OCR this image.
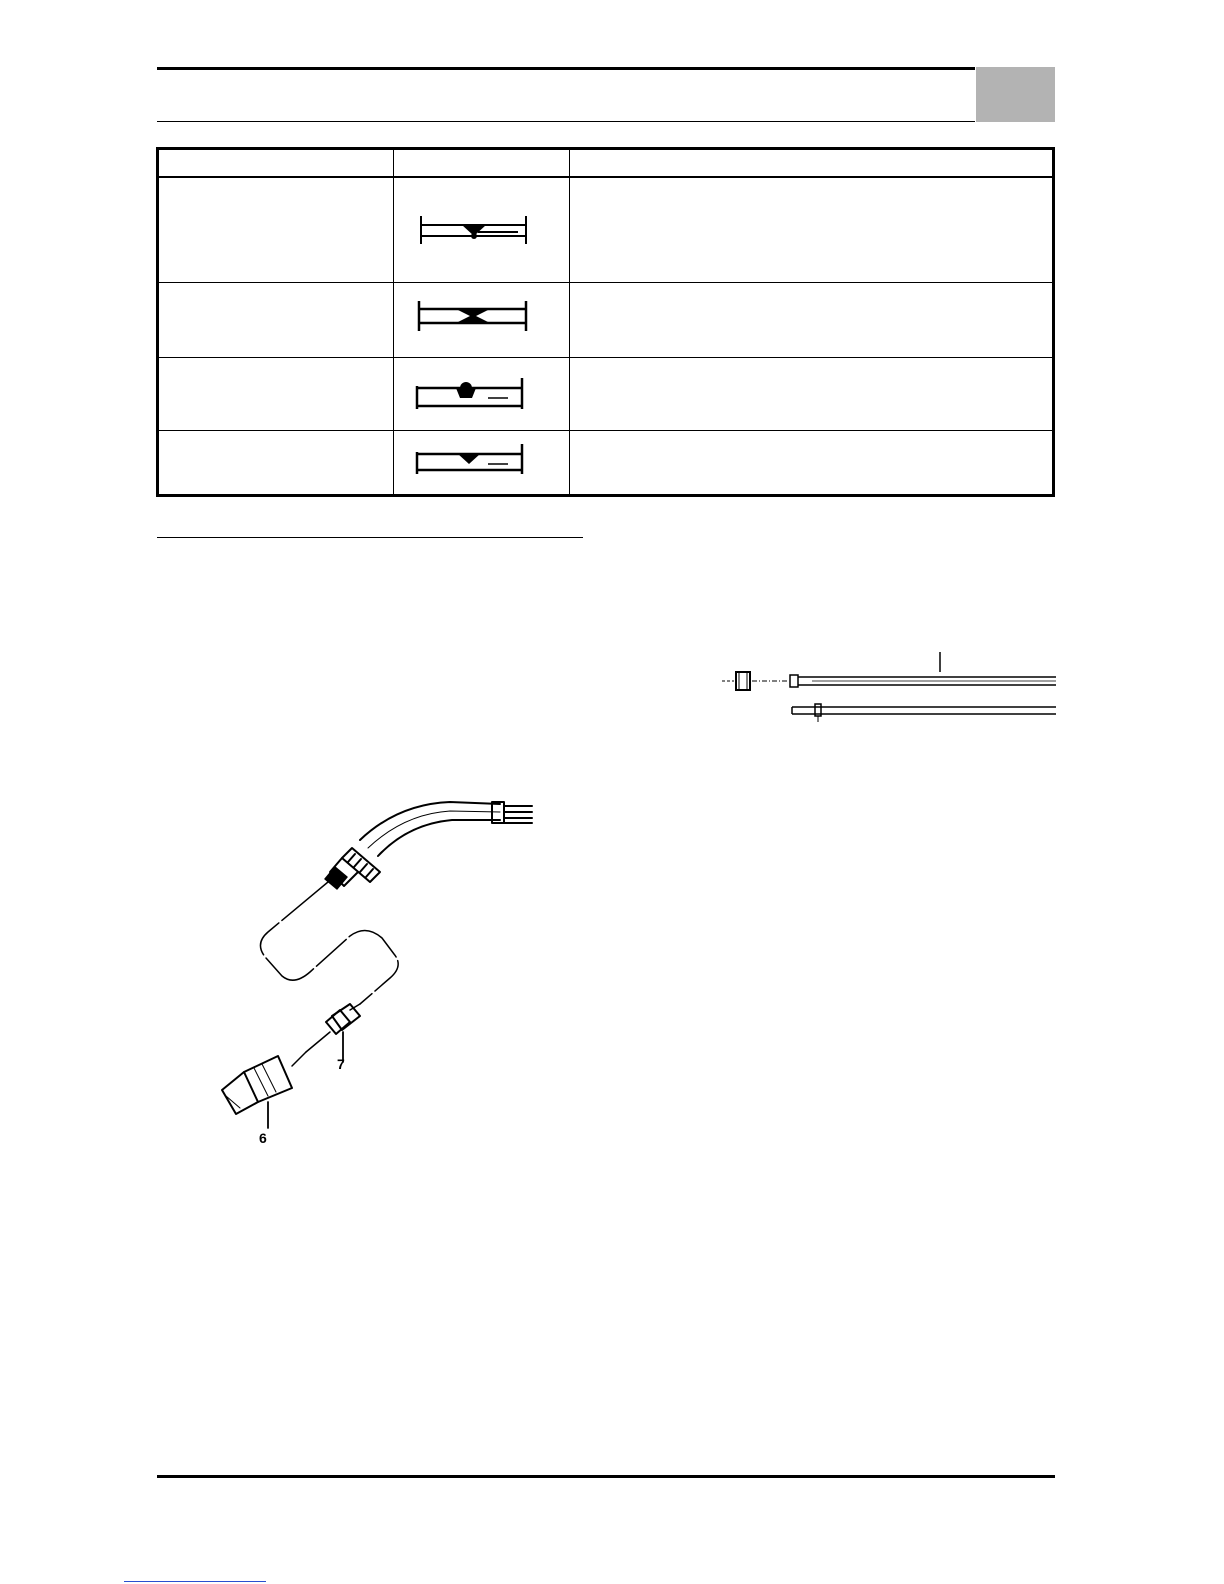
7
6
